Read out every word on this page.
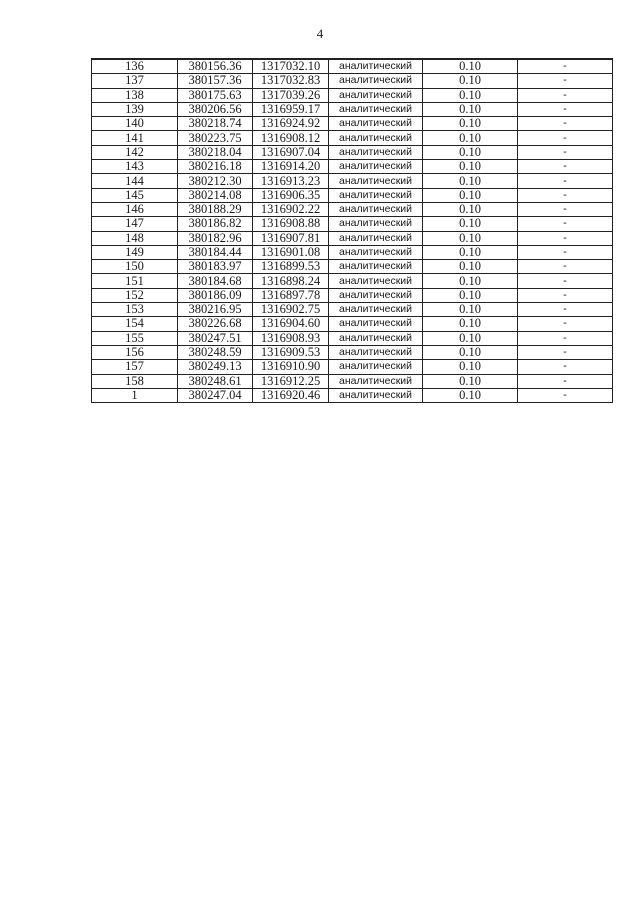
4
136	380156.36	1317032.10	аналитический	0.10	-
137	380157.36	1317032.83	аналитический	0.10	-
138	380175.63	1317039.26	аналитический	0.10	-
139	380206.56	1316959.17	аналитический	0.10	-
140	380218.74	1316924.92	аналитический	0.10	-
141	380223.75	1316908.12	аналитический	0.10	-
142	380218.04	1316907.04	аналитический	0.10	-
143	380216.18	1316914.20	аналитический	0.10	-
144	380212.30	1316913.23	аналитический	0.10	-
145	380214.08	1316906.35	аналитический	0.10	-
146	380188.29	1316902.22	аналитический	0.10	-
147	380186.82	1316908.88	аналитический	0.10	-
148	380182.96	1316907.81	аналитический	0.10	-
149	380184.44	1316901.08	аналитический	0.10	-
150	380183.97	1316899.53	аналитический	0.10	-
151	380184.68	1316898.24	аналитический	0.10	-
152	380186.09	1316897.78	аналитический	0.10	-
153	380216.95	1316902.75	аналитический	0.10	-
154	380226.68	1316904.60	аналитический	0.10	-
155	380247.51	1316908.93	аналитический	0.10	-
156	380248.59	1316909.53	аналитический	0.10	-
157	380249.13	1316910.90	аналитический	0.10	-
158	380248.61	1316912.25	аналитический	0.10	-
1	380247.04	1316920.46	аналитический	0.10	-
